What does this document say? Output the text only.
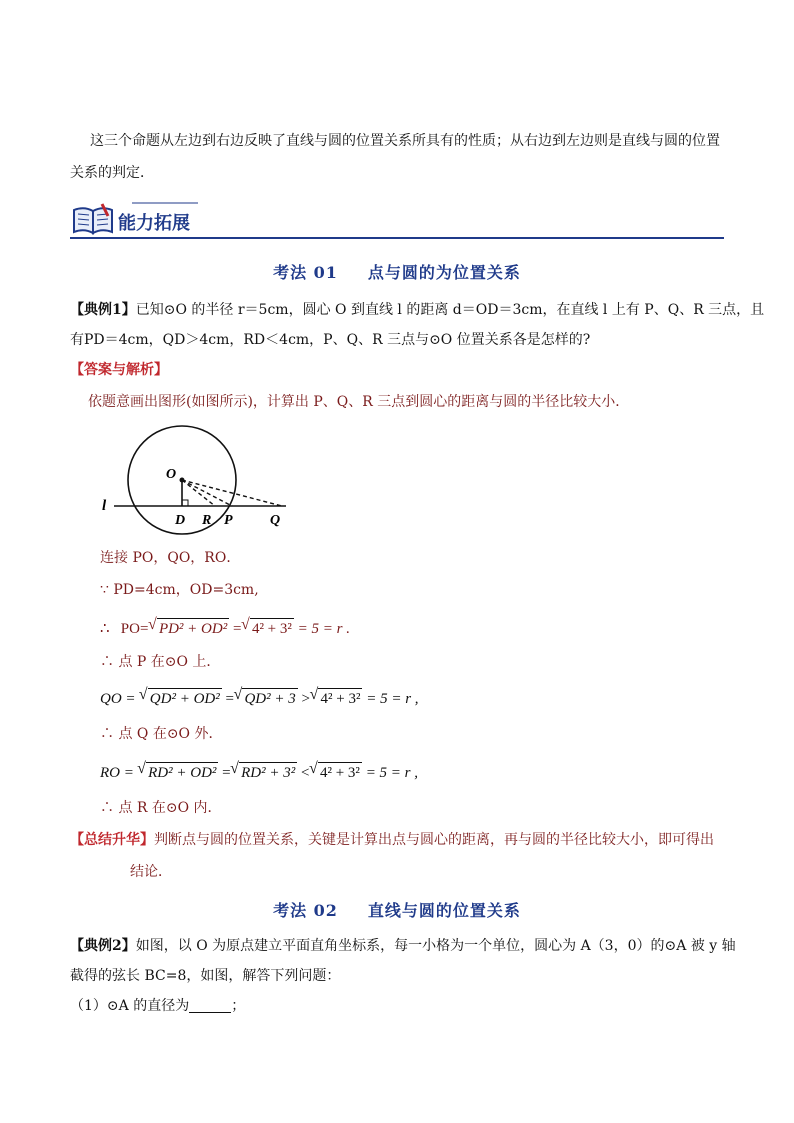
这三个命题从左边到右边反映了直线与圆的位置关系所具有的性质；从右边到左边则是直线与圆的位置
关系的判定．
能力拓展
考法 01 点与圆的为位置关系
【典例1】已知⊙O 的半径 r＝5cm，圆心 O 到直线 l 的距离 d＝OD＝3cm，在直线 l 上有 P、Q、R 三点，且
有PD＝4cm，QD＞4cm，RD＜4cm，P、Q、R 三点与⊙O 位置关系各是怎样的?
【答案与解析】
依题意画出图形(如图所示)，计算出 P、Q、R 三点到圆心的距离与圆的半径比较大小．
O
l
D R P	Q
连接 PO，QO，RO．
∵ PD=4cm，OD=3cm,
∴ PO=  √ PD² + OD² =  √ 4² + 3² = 5 = r .
∴ 点 P 在⊙O 上．
QO =   √ QD² + OD² =  √ QD² + 3 >  √ 4² + 3² = 5 = r ,
∴ 点 Q 在⊙O 外．
RO =   √ RD² + OD² =  √ RD² + 3² <  √ 4² + 3² = 5 = r ,
∴ 点 R 在⊙O 内．
【总结升华】判断点与圆的位置关系，关键是计算出点与圆心的距离，再与圆的半径比较大小，即可得出
结论．
考法 02 直线与圆的位置关系
【典例2】如图，以 O 为原点建立平面直角坐标系，每一小格为一个单位，圆心为 A（3，0）的⊙A 被 y 轴
截得的弦长 BC=8，如图，解答下列问题：
（1）⊙A 的直径为	；
